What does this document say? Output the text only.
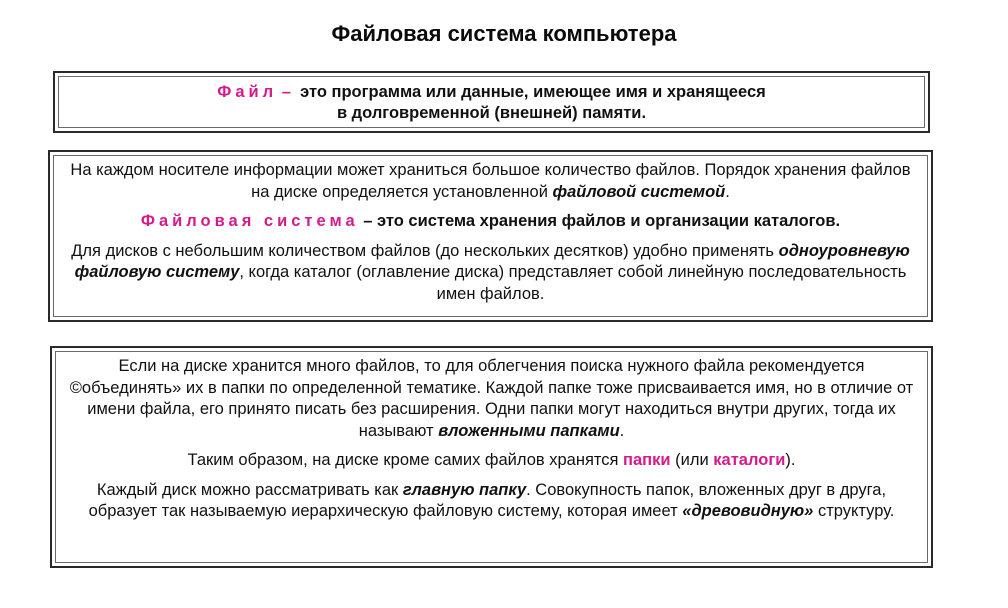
Файловая система компьютера
Файл –  это программа или данные, имеющее имя и хранящееся
в долговременной (внешней) памяти.

На каждом носителе информации может храниться большое количество файлов. Порядок хранения файлов на диске определяется установленной файловой системой.

Файловая система – это система хранения файлов и организации каталогов.

Для дисков с небольшим количеством файлов (до нескольких десятков) удобно применять одноуровневую файловую систему, когда каталог (оглавление диска) представляет собой линейную последовательность имен файлов.

Если на диске хранится много файлов, то для облегчения поиска нужного файла рекомендуется ©объединять» их в папки по определенной тематике. Каждой папке тоже присваивается имя, но в отличие от имени файла, его принято писать без расширения. Одни папки могут находиться внутри других, тогда их называют вложенными папками.

Таким образом, на диске кроме самих файлов хранятся папки (или каталоги).

Каждый диск можно рассматривать как главную папку. Совокупность папок, вложенных друг в друга, образует так называемую иерархическую файловую систему, которая имеет «древовидную» структуру.
